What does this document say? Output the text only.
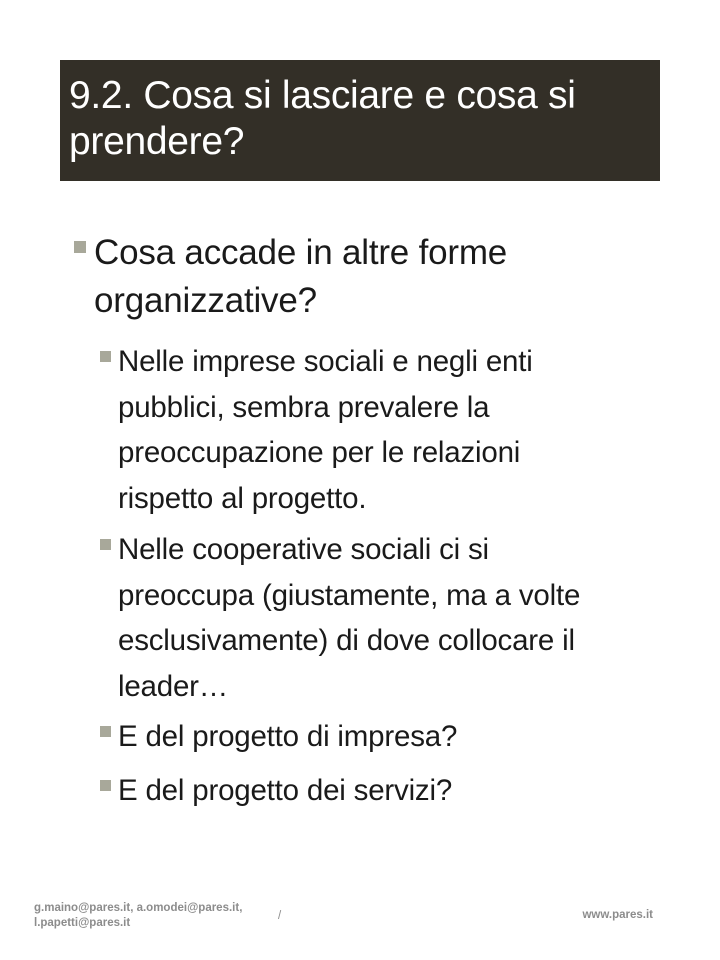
9.2. Cosa si lasciare e cosa si prendere?
Cosa accade in altre forme organizzative?
Nelle imprese sociali e negli enti pubblici, sembra prevalere la preoccupazione per le relazioni rispetto al progetto.
Nelle cooperative sociali ci si preoccupa (giustamente, ma a volte esclusivamente) di dove collocare il leader…
E del progetto di impresa?
E del progetto dei servizi?
g.maino@pares.it, a.omodei@pares.it,
l.papetti@pares.it
/	www.pares.it
